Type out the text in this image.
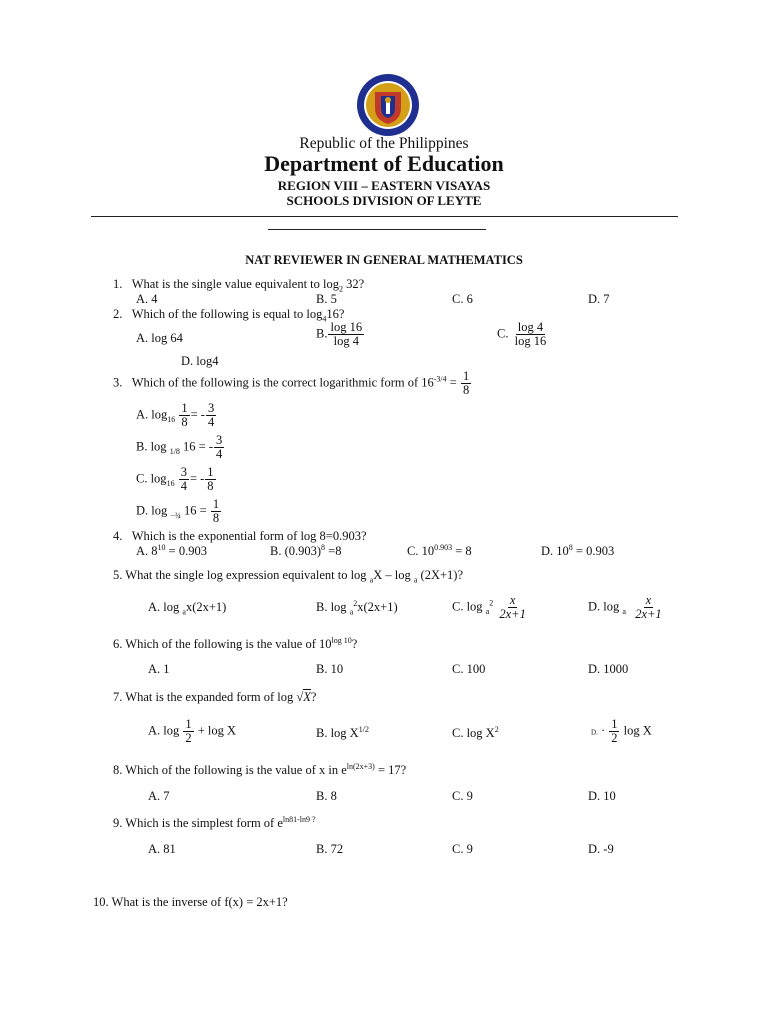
Republic of the Philippines
Department of Education
REGION VIII – EASTERN VISAYAS
SCHOOLS DIVISION OF LEYTE
NAT REVIEWER IN GENERAL MATHEMATICS
1. What is the single value equivalent to $\log_2 32$?
A. 4	B. 5	C. 6	D. 7
2. Which of the following is equal to $\log_416$?
A. log 64	B. $\frac{\log 16}{\log 4}$	C. $\frac{\log 4}{\log 16}$
D. log4
3. Which of the following is the correct logarithmic form of $16^{-3/4} = \frac{1}{8}$
A. $\log_{16} \frac{1}{8}$ = - $\frac{3}{4}$
B. log $_{1/8}$ 16 = - $\frac{3}{4}$
C. $\log_{16} \frac{3}{4}$ = - $\frac{1}{8}$
D. log $_{-\frac{3}{4}}$ $16 = \frac{1}{8}$
4. Which is the exponential form of log 8=0.903?
A. $8^{10} = 0.903$	B. $(0.903)^8 =8$	C. $10^{0.903} = 8$	D. $10^8 = 0.903$
5. What the single log expression equivalent to log $_a$X – log $_a$ (2X+1)?
A. log $_a$x(2x+1)	B. log $_a^2$x(2x+1)	C. $\log _a^2 \frac{x}{2x+1}$	D. $\log _a \frac{x}{2x+1}$
6. Which of the following is the value of $10^{log 10}$?
A. 1	B. 10	C. 100	D. 1000
7. What is the expanded form of log √X?
A. $\log \frac{1}{2} + \log X$	B. $\log X^{1/2}$	C. $\log X^2$	D. · $\frac{1}{2}$ log X
8. Which of the following is the value of x in $e^{ln(2x+3)} = 17$?
A. 7	B. 8	C. 9	D. 10
9. Which is the simplest form of $e^{ln81-ln9 ?}$
A. 81	B. 72	C. 9	D. -9
10. What is the inverse of f(x) = 2x+1?
